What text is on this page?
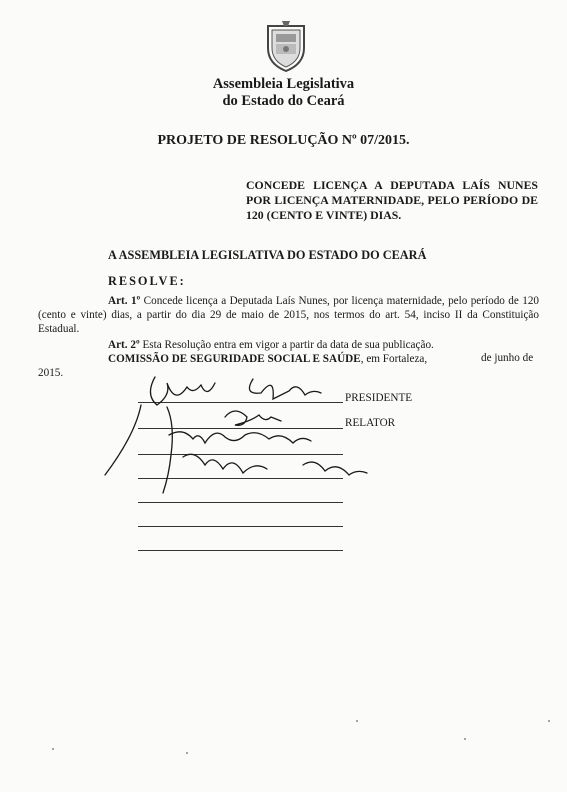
Assembleia Legislativa
do Estado do Ceará
PROJETO DE RESOLUÇÃO Nº 07/2015.
CONCEDE LICENÇA A DEPUTADA LAÍS NUNES POR LICENÇA MATERNIDADE, PELO PERÍODO DE 120 (CENTO E VINTE) DIAS.
A ASSEMBLEIA LEGISLATIVA DO ESTADO DO CEARÁ
RESOLVE:
Art. 1º Concede licença a Deputada Laís Nunes, por licença maternidade, pelo período de 120 (cento e vinte) dias, a partir do dia 29 de maio de 2015, nos termos do art. 54, inciso II da Constituição Estadual.
Art. 2º Esta Resolução entra em vigor a partir da data de sua publicação.
COMISSÃO DE SEGURIDADE SOCIAL E SAÚDE, em Fortaleza,	de junho de
2015.
PRESIDENTE
RELATOR
